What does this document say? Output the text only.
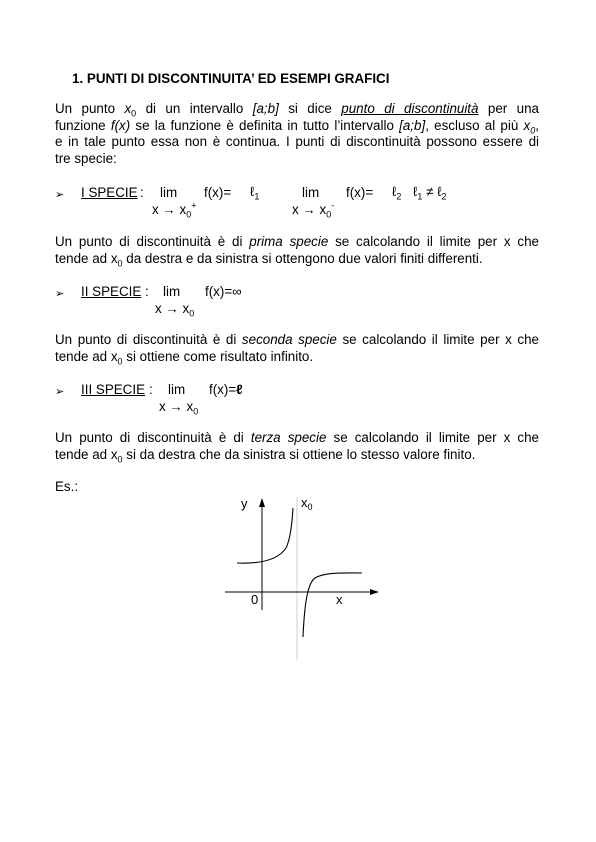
1. PUNTI DI DISCONTINUITA’ ED ESEMPI GRAFICI
Un punto $x_0$ di un intervallo [a;b] si dice punto di discontinuità per una
funzione f(x) se la funzione è definita in tutto l’intervallo [a;b], escluso al più $x_0$,
e in tale punto essa non è continua. I punti di discontinuità possono essere di
tre specie:
➢ I SPECIE : lim f(x)= ℓ$_1$	lim f(x)= ℓ$_2$ ℓ$_1$ ≠ ℓ$_2$
$x \to x_0^+$	$x \to x_0^-$
Un punto di discontinuità è di prima specie se calcolando il limite per x che
tende ad $x_0$ da destra e da sinistra si ottengono due valori finiti differenti.
➢ II SPECIE : lim f(x)=∞
$x \to x_0$
Un punto di discontinuità è di seconda specie se calcolando il limite per x che
tende ad $x_0$ si ottiene come risultato infinito.
➢ III SPECIE : lim f(x)=ℓ
$x \to x_0$
Un punto di discontinuità è di terza specie se calcolando il limite per x che
tende ad $x_0$ si da destra che da sinistra si ottiene lo stesso valore finito.
Es.:
y	$x_0$
0	x
